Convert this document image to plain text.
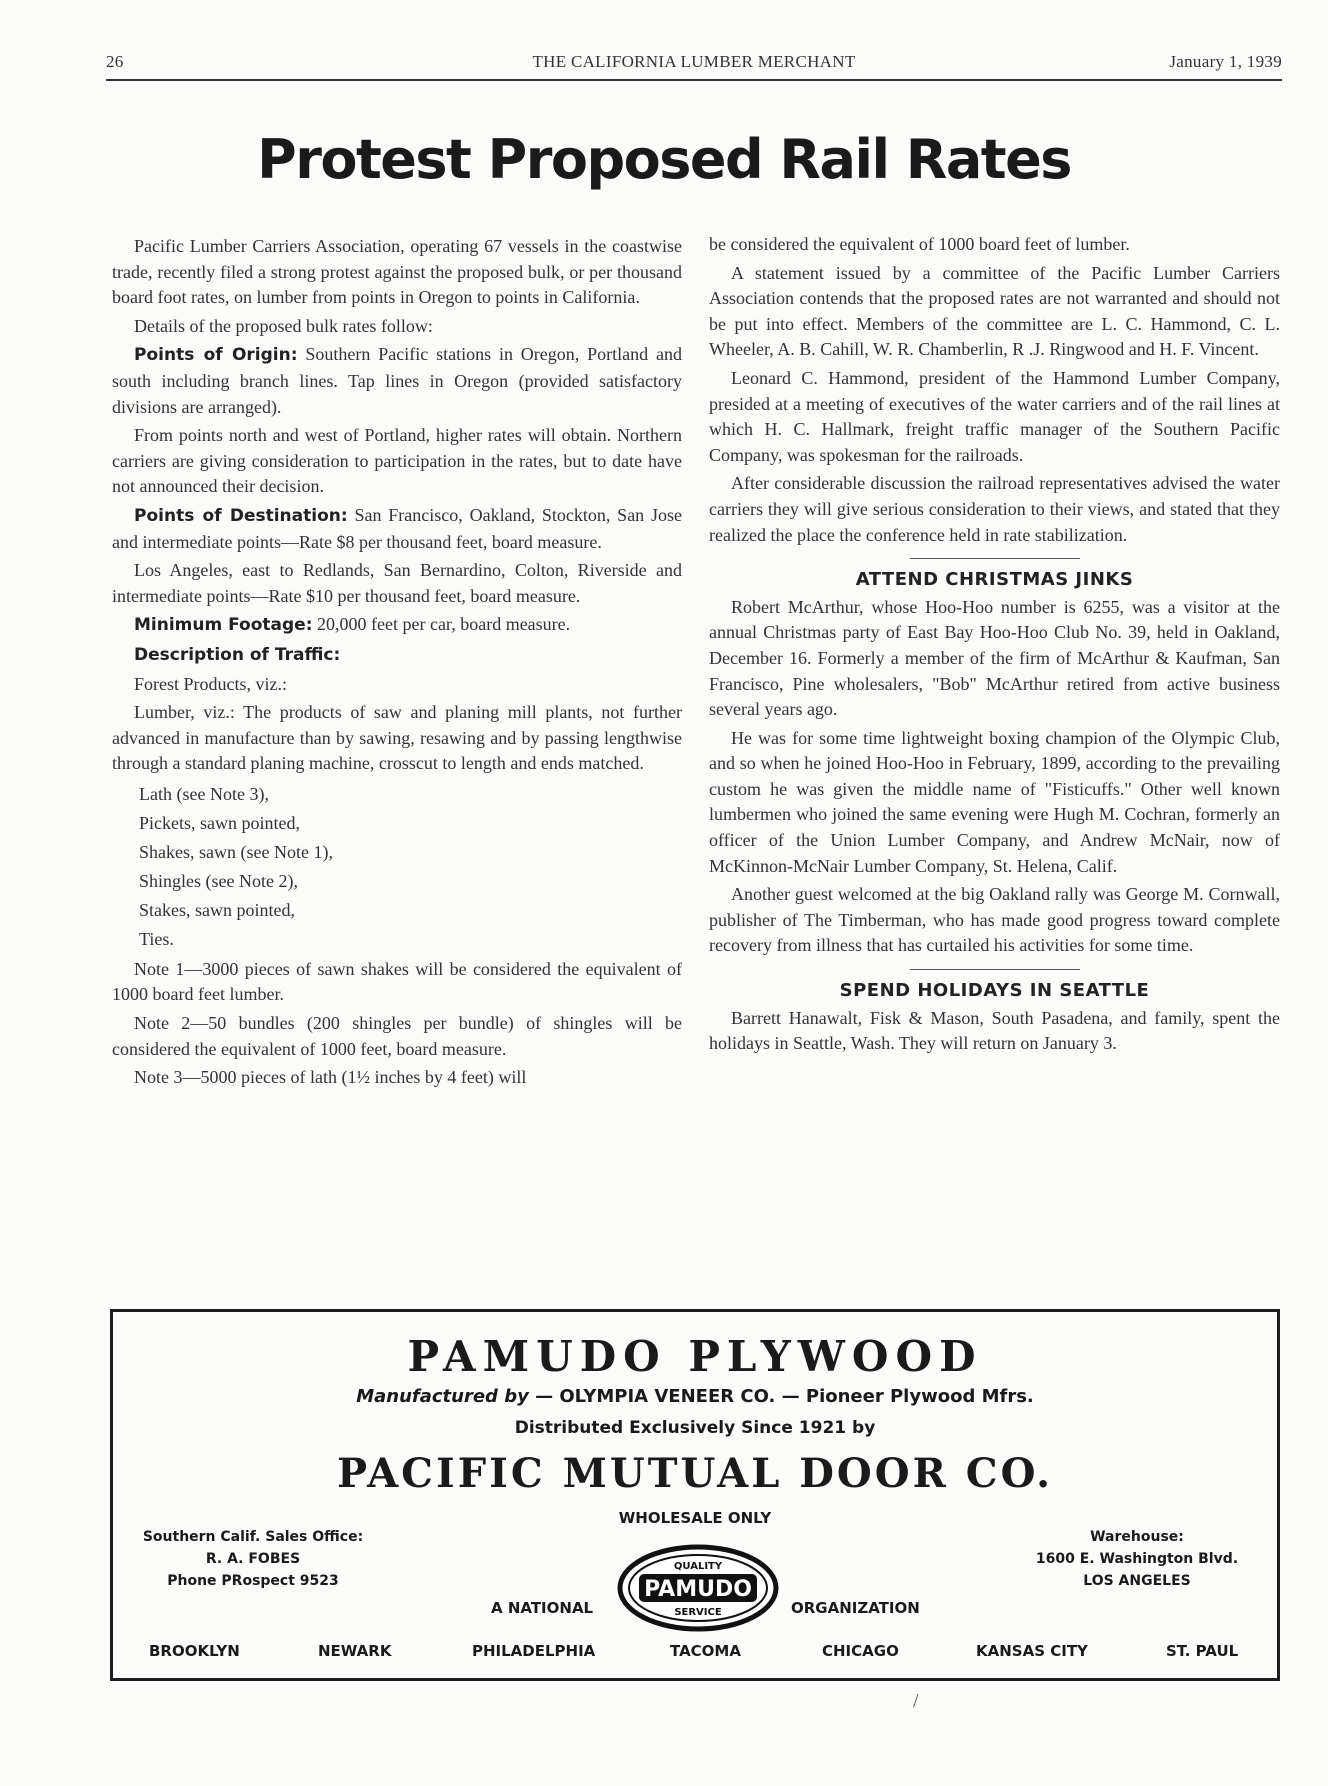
26	THE CALIFORNIA LUMBER MERCHANT	January 1, 1939
Protest Proposed Rail Rates

Pacific Lumber Carriers Association, operating 67 vessels in the coastwise trade, recently filed a strong protest against the proposed bulk, or per thousand board foot rates, on lumber from points in Oregon to points in California.

Details of the proposed bulk rates follow:

Points of Origin: Southern Pacific stations in Oregon, Portland and south including branch lines. Tap lines in Oregon (provided satisfactory divisions are arranged).

From points north and west of Portland, higher rates will obtain. Northern carriers are giving consideration to participation in the rates, but to date have not announced their decision.

Points of Destination: San Francisco, Oakland, Stockton, San Jose and intermediate points—Rate $8 per thousand feet, board measure.

Los Angeles, east to Redlands, San Bernardino, Colton, Riverside and intermediate points—Rate $10 per thousand feet, board measure.

Minimum Footage: 20,000 feet per car, board measure.

Description of Traffic:

Forest Products, viz.:

Lumber, viz.: The products of saw and planing mill plants, not further advanced in manufacture than by sawing, resawing and by passing lengthwise through a standard planing machine, crosscut to length and ends matched.

Lath (see Note 3),
Pickets, sawn pointed,
Shakes, sawn (see Note 1),
Shingles (see Note 2),
Stakes, sawn pointed,
Ties.

Note 1—3000 pieces of sawn shakes will be considered the equivalent of 1000 board feet lumber.

Note 2—50 bundles (200 shingles per bundle) of shingles will be considered the equivalent of 1000 feet, board measure.

Note 3—5000 pieces of lath (1½ inches by 4 feet) will

be considered the equivalent of 1000 board feet of lumber.

A statement issued by a committee of the Pacific Lumber Carriers Association contends that the proposed rates are not warranted and should not be put into effect. Members of the committee are L. C. Hammond, C. L. Wheeler, A. B. Cahill, W. R. Chamberlin, R .J. Ringwood and H. F. Vincent.

Leonard C. Hammond, president of the Hammond Lumber Company, presided at a meeting of executives of the water carriers and of the rail lines at which H. C. Hallmark, freight traffic manager of the Southern Pacific Company, was spokesman for the railroads.

After considerable discussion the railroad representatives advised the water carriers they will give serious consideration to their views, and stated that they realized the place the conference held in rate stabilization.

ATTEND CHRISTMAS JINKS

Robert McArthur, whose Hoo-Hoo number is 6255, was a visitor at the annual Christmas party of East Bay Hoo-Hoo Club No. 39, held in Oakland, December 16. Formerly a member of the firm of McArthur & Kaufman, San Francisco, Pine wholesalers, "Bob" McArthur retired from active business several years ago.

He was for some time lightweight boxing champion of the Olympic Club, and so when he joined Hoo-Hoo in February, 1899, according to the prevailing custom he was given the middle name of "Fisticuffs." Other well known lumbermen who joined the same evening were Hugh M. Cochran, formerly an officer of the Union Lumber Company, and Andrew McNair, now of McKinnon-McNair Lumber Company, St. Helena, Calif.

Another guest welcomed at the big Oakland rally was George M. Cornwall, publisher of The Timberman, who has made good progress toward complete recovery from illness that has curtailed his activities for some time.

SPEND HOLIDAYS IN SEATTLE

Barrett Hanawalt, Fisk & Mason, South Pasadena, and family, spent the holidays in Seattle, Wash. They will return on January 3.

PAMUDO PLYWOOD
Manufactured by — OLYMPIA VENEER CO. — Pioneer Plywood Mfrs.
Distributed Exclusively Since 1921 by
PACIFIC MUTUAL DOOR CO.
WHOLESALE ONLY
Southern Calif. Sales Office:
R. A. FOBES
Phone PRospect 9523
Warehouse:
1600 E. Washington Blvd.
LOS ANGELES
A NATIONAL
QUALITY
PAMUDO
SERVICE	ORGANIZATION
BROOKLYN	NEWARK	PHILADELPHIA	TACOMA	CHICAGO	KANSAS CITY	ST. PAUL
/
